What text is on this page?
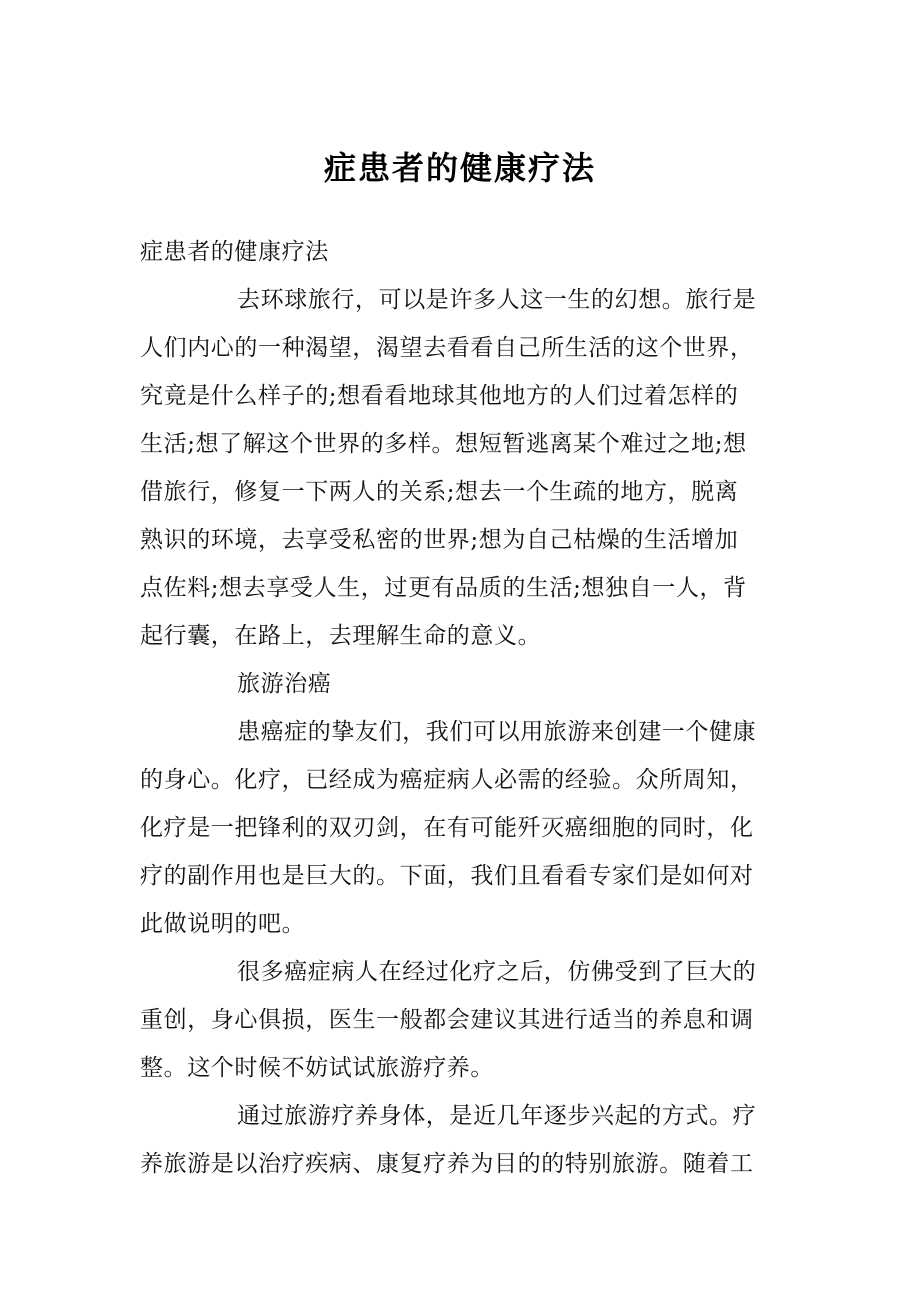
症患者的健康疗法
症患者的健康疗法
去环球旅行，可以是许多人这一生的幻想。旅行是
人们内心的一种渴望，渴望去看看自己所生活的这个世界，
究竟是什么样子的;想看看地球其他地方的人们过着怎样的
生活;想了解这个世界的多样。想短暂逃离某个难过之地;想
借旅行，修复一下两人的关系;想去一个生疏的地方，脱离
熟识的环境，去享受私密的世界;想为自己枯燥的生活增加
点佐料;想去享受人生，过更有品质的生活;想独自一人，背
起行囊，在路上，去理解生命的意义。
旅游治癌
患癌症的挚友们，我们可以用旅游来创建一个健康
的身心。化疗，已经成为癌症病人必需的经验。众所周知，
化疗是一把锋利的双刃剑，在有可能歼灭癌细胞的同时，化
疗的副作用也是巨大的。下面，我们且看看专家们是如何对
此做说明的吧。
很多癌症病人在经过化疗之后，仿佛受到了巨大的
重创，身心俱损，医生一般都会建议其进行适当的养息和调
整。这个时候不妨试试旅游疗养。
通过旅游疗养身体，是近几年逐步兴起的方式。疗
养旅游是以治疗疾病、康复疗养为目的的特别旅游。随着工
